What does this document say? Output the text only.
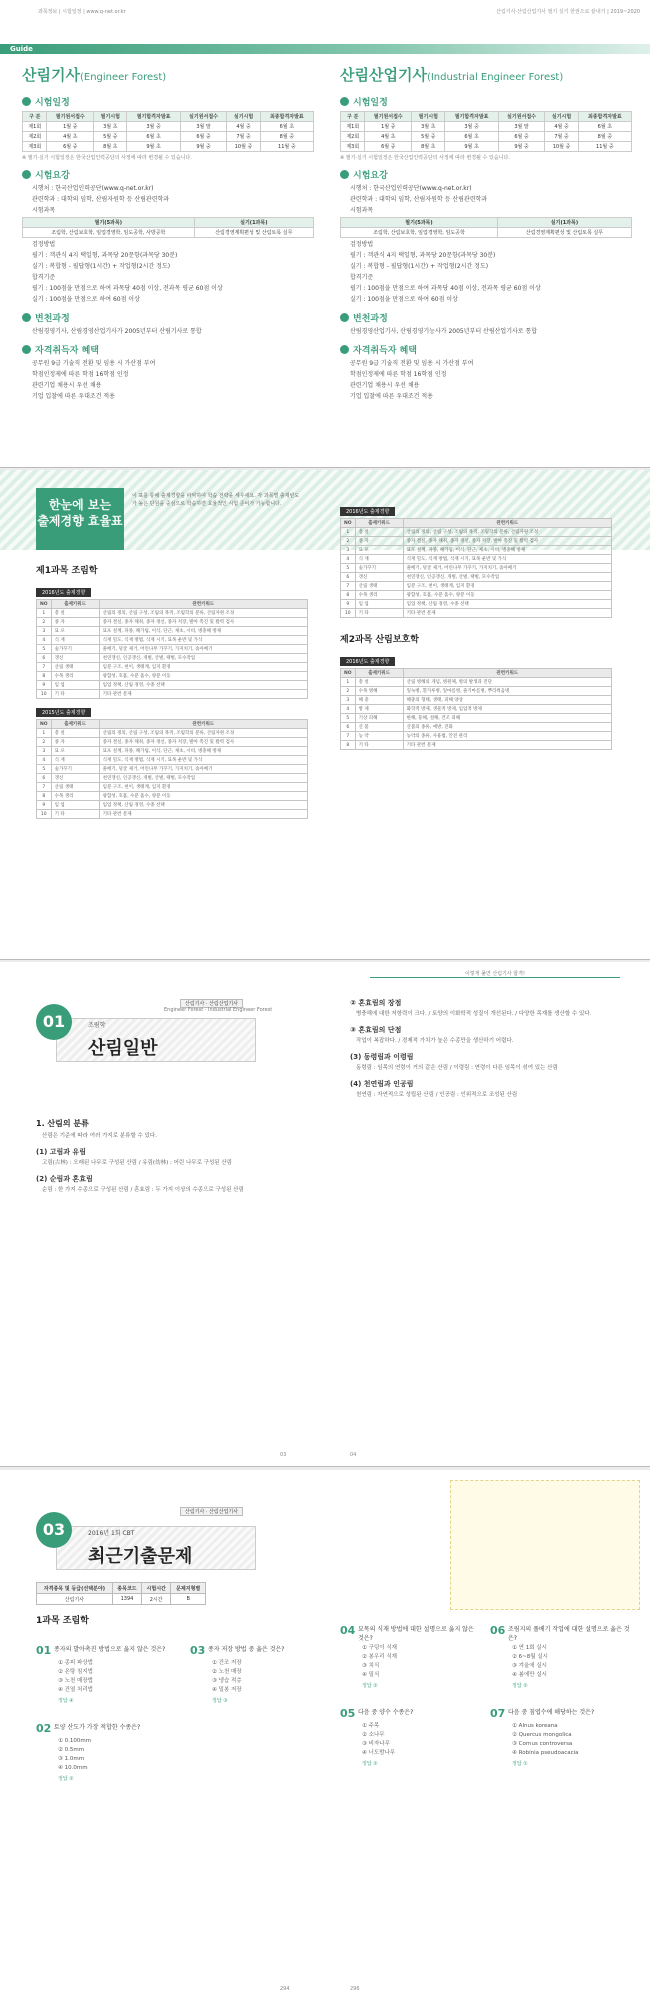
과목정보 | 시험일정 | www.q-net.or.kr	산림기사·산림산업기사 필기 실기 한권으로 끝내기 | 2019~2020
Guide
산림기사(Engineer Forest)
시험일정
구 분	필기원서접수	필기시험	필기합격자발표	실기원서접수	실기시험	최종합격자발표
제1회	1월 중	3월 초	3월 중	3월 말	4월 중	6월 초
제2회	4월 초	5월 중	6월 초	6월 중	7월 중	8월 중
제3회	6월 중	8월 초	9월 초	9월 중	10월 중	11월 중
※ 필기·실기 시험일정은 한국산업인력공단의 사정에 따라 변경될 수 있습니다.
시험요강
시행처 : 한국산업인력공단(www.q-net.or.kr)
관련학과 : 대학의 임학, 산림자원학 등 산림관련학과
시험과목
필기(5과목)	실기(1과목)
조림학, 산림보호학, 임업경영학, 임도공학, 사방공학	산림경영계획편성 및 산림토목 실무
검정방법
필기 : 객관식 4지 택일형, 과목당 20문항(과목당 30분)
실기 : 복합형 - 필답형(1시간) + 작업형(2시간 정도)
합격기준
필기 : 100점을 만점으로 하여 과목당 40점 이상, 전과목 평균 60점 이상
실기 : 100점을 만점으로 하여 60점 이상
변천과정
산림경영기사, 산림경영산업기사가 2005년부터 산림기사로 통합
자격취득자 혜택
공무원 9급 기술직 전환 및 임용 시 가산점 부여
학점인정제에 따른 학점 16학점 인정
관련기업 채용시 우선 채용
기업 입찰에 따른 우대조건 적용
산림산업기사(Industrial Engineer Forest)
시험일정
구 분	필기원서접수	필기시험	필기합격자발표	실기원서접수	실기시험	최종합격자발표
제1회	1월 중	3월 초	3월 중	3월 말	4월 중	6월 초
제2회	4월 초	5월 중	6월 초	6월 중	7월 중	8월 중
제3회	6월 중	8월 초	9월 초	9월 중	10월 중	11월 중
※ 필기·실기 시험일정은 한국산업인력공단의 사정에 따라 변경될 수 있습니다.
시험요강
시행처 : 한국산업인력공단(www.q-net.or.kr)
관련학과 : 대학의 임학, 산림자원학 등 산림관련학과
시험과목
필기(5과목)	실기(1과목)
조림학, 산림보호학, 임업경영학, 임도공학	산림경영계획편성 및 산림토목 실무
검정방법
필기 : 객관식 4지 택일형, 과목당 20문항(과목당 30분)
실기 : 복합형 - 필답형(1시간) + 작업형(2시간 정도)
합격기준
필기 : 100점을 만점으로 하여 과목당 40점 이상, 전과목 평균 60점 이상
실기 : 100점을 만점으로 하여 60점 이상
변천과정
산림경영산업기사, 산림경영기능사가 2005년부터 산림산업기사로 통합
자격취득자 혜택
공무원 9급 기술직 전환 및 임용 시 가산점 부여
학점인정제에 따른 학점 16학점 인정
관련기업 채용시 우선 채용
기업 입찰에 따른 우대조건 적용
한눈에 보는
출제경향 효율표
이 표를 통해 출제경향을 파악하여 학습 전략을 세우세요. 각 과목별 출제빈도가 높은 단원을 중심으로 학습하면 효율적인 시험 준비가 가능합니다.
제1과목 조림학
2016년도 출제경향
NO	출제키워드	관련키워드
1	총 설	산림의 정의, 산림 구성, 조림의 목적, 조림학의 분류, 산림자원 조성
2	종 자	종자 결실, 종자 채취, 종자 정선, 종자 저장, 발아 촉진 및 활력 검사
3	묘 포	묘포 설계, 파종, 해가림, 이식, 단근, 제초, 시비, 병충해 방제
4	식 재	식재 밀도, 식재 방법, 식재 시기, 묘목 운반 및 가식
5	숲가꾸기	풀베기, 덩굴 제거, 어린나무 가꾸기, 가지치기, 솎아베기
6	갱신	천연갱신, 인공갱신, 개벌, 산벌, 택벌, 모수작업
7	산림 생태	임분 구조, 천이, 생태계, 입지 환경
8	수목 생리	광합성, 호흡, 수분 흡수, 양분 이동
9	임 업	임업 정책, 산림 경영, 수종 선택
10	기 타	기타 관련 문제
2015년도 출제경향
NO	출제키워드	관련키워드
1	총 설	산림의 정의, 산림 구성, 조림의 목적, 조림학의 분류, 산림자원 조성
2	종 자	종자 결실, 종자 채취, 종자 정선, 종자 저장, 발아 촉진 및 활력 검사
3	묘 포	묘포 설계, 파종, 해가림, 이식, 단근, 제초, 시비, 병충해 방제
4	식 재	식재 밀도, 식재 방법, 식재 시기, 묘목 운반 및 가식
5	숲가꾸기	풀베기, 덩굴 제거, 어린나무 가꾸기, 가지치기, 솎아베기
6	갱신	천연갱신, 인공갱신, 개벌, 산벌, 택벌, 모수작업
7	산림 생태	임분 구조, 천이, 생태계, 입지 환경
8	수목 생리	광합성, 호흡, 수분 흡수, 양분 이동
9	임 업	임업 정책, 산림 경영, 수종 선택
10	기 타	기타 관련 문제
2016년도 출제경향
NO	출제키워드	관련키워드
1	총 설	산림의 정의, 산림 구성, 조림의 목적, 조림학의 분류, 산림자원 조성
2	종 자	종자 결실, 종자 채취, 종자 정선, 종자 저장, 발아 촉진 및 활력 검사
3	묘 포	묘포 설계, 파종, 해가림, 이식, 단근, 제초, 시비, 병충해 방제
4	식 재	식재 밀도, 식재 방법, 식재 시기, 묘목 운반 및 가식
5	숲가꾸기	풀베기, 덩굴 제거, 어린나무 가꾸기, 가지치기, 솎아베기
6	갱신	천연갱신, 인공갱신, 개벌, 산벌, 택벌, 모수작업
7	산림 생태	임분 구조, 천이, 생태계, 입지 환경
8	수목 생리	광합성, 호흡, 수분 흡수, 양분 이동
9	임 업	임업 정책, 산림 경영, 수종 선택
10	기 타	기타 관련 문제
제2과목 산림보호학
2016년도 출제경향
NO	출제키워드	관련키워드
1	총 설	산림 병해의 개념, 병원체, 병의 발생과 진단
2	수목 병해	잎녹병, 흰가루병, 잎마름병, 줄기마름병, 뿌리썩음병
3	해 충	해충의 형태, 생태, 피해 양상
4	방 제	화학적 방제, 생물적 방제, 임업적 방제
5	기상 피해	한해, 풍해, 설해, 건조 피해
6	산 불	산불의 종류, 예방, 진화
7	농 약	농약의 종류, 사용법, 안전 관리
8	기 타	기타 관련 문제
01
산림기사 · 산림산업기사
Engineer Forest · Industrial Engineer Forest
조림학
산림일반
1. 산림의 분류
산림은 기준에 따라 여러 가지로 분류할 수 있다.
(1) 고림과 유림
고림(古林) : 오래된 나무로 구성된 산림 / 유림(幼林) : 어린 나무로 구성된 산림
(2) 순림과 혼효림
순림 : 한 가지 수종으로 구성된 산림 / 혼효림 : 두 가지 이상의 수종으로 구성된 산림
이렇게 풀면 산림기사 합격!
② 혼효림의 장점
병충해에 대한 저항력이 크다. / 토양의 이화학적 성질이 개선된다. / 다양한 목재를 생산할 수 있다.
③ 혼효림의 단점
작업이 복잡하다. / 경제적 가치가 높은 수종만을 생산하기 어렵다.
(3) 동령림과 이령림
동령림 : 임목의 연령이 거의 같은 산림 / 이령림 : 연령이 다른 임목이 섞여 있는 산림
(4) 천연림과 인공림
천연림 : 자연적으로 성립된 산림 / 인공림 : 인위적으로 조성된 산림
03	04
03
산림기사 · 산림산업기사
2016년 1회 CBT
최근기출문제
자격종목 및 등급(선택분야)	종목코드	시험시간	문제지형별
산림기사	1394	2시간	B
1과목 조림학
01 종자의 발아촉진 방법으로 옳지 않은 것은?
① 종피 파상법
② 온탕 침지법
③ 노천 매장법
④ 건열 처리법
정답 ④
02 토양 산도가 가장 적합한 수종은?
① 0.100mm
② 0.5mm
③ 1.0mm
④ 10.0mm
정답 ②
03 종자 저장 방법 중 옳은 것은?
① 건조 저장
② 노천 매장
③ 냉습 적층
④ 밀봉 저장
정답 ③
04 묘목의 식재 방법에 대한 설명으로 옳지 않은 것은?
① 구덩이 식재
② 봉우리 식재
③ 치식
④ 밀식
정답 ②
05 다음 중 양수 수종은?
① 주목
② 소나무
③ 비자나무
④ 너도밤나무
정답 ②
06 조림지의 풀베기 작업에 대한 설명으로 옳은 것은?
① 연 1회 실시
② 6~8월 실시
③ 겨울에 실시
④ 봄에만 실시
정답 ②
07 다음 중 침엽수에 해당하는 것은?
① Alnus koreana
② Quercus mongolica
③ Cornus controversa
④ Robinia pseudoacacia
정답 ①
294	296
